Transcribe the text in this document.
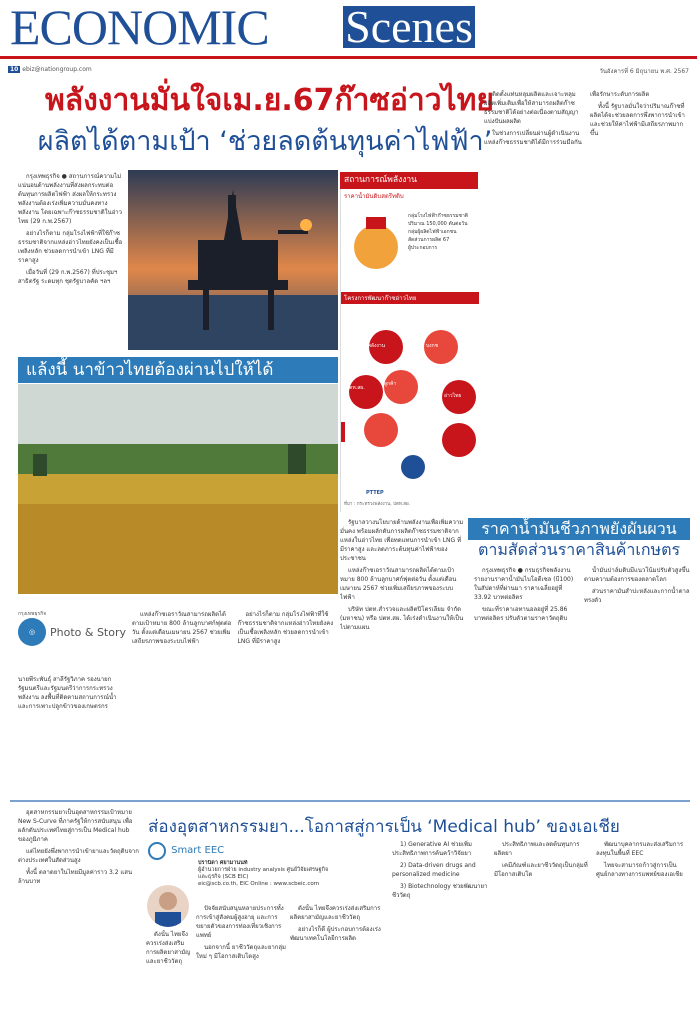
ECONOMIC Scenes
10 ebiz@nationgroup.com	วันอังคารที่ 6 มิถุนายน พ.ศ. 2567
พลังงานมั่นใจเม.ย.67ก๊าซอ่าวไทย
ผลิตได้ตามเป้า ‘ช่วยลดต้นทุนค่าไฟฟ้า’

กรุงเทพธุรกิจ ● สถานการณ์ความไม่แน่นอนด้านพลังงานที่ส่งผลกระทบต่อต้นทุนการผลิตไฟฟ้า ส่งผลให้กระทรวงพลังงานต้องเร่งเพิ่มความมั่นคงทางพลังงาน โดยเฉพาะก๊าซธรรมชาติในอ่าวไทย (29 ก.พ.2567)

อย่างไรก็ตาม กลุ่มโรงไฟฟ้าที่ใช้ก๊าซธรรมชาติจากแหล่งอ่าวไทยยังคงเป็นเชื้อเพลิงหลัก ช่วยลดการนำเข้า LNG ที่มีราคาสูง

เมื่อวันที่ (29 ก.พ.2567) ที่ประชุมฯ สาธิตรัฐ ระดมทุก ชุดรัฐบาลคัด ฯลฯ

สถานการณ์พลังงาน
ราคาน้ำมันดิบสตรีทดิบ
กลุ่มโรงไฟฟ้าก๊าซธรรมชาติ
ปริมาณ 150,000 ตันต่อวัน
กลุ่มผู้ผลิตไฟฟ้าเอกชน
สัดส่วนการผลิต 67
ผู้ประกอบการ
โครงการพัฒนาก๊าซอ่าวไทย
กระทรวงพลังงาน	บงกช
ปตท.สผ.
ลูกค้า
อ่าวไทย
PTTEP
ที่มา : กระทรวงพลังงาน, ปตท.สผ.

ติดตั้งแท่นหลุมผลิตและเจาะหลุมผลิตเพิ่มเติมเพื่อให้สามารถผลิตก๊าซธรรมชาติได้อย่างต่อเนื่องตามสัญญาแบ่งปันผลผลิต

ในช่วงการเปลี่ยนผ่านผู้ดำเนินงานแหล่งก๊าซธรรมชาติได้มีการร่วมมือกันเพื่อรักษาระดับการผลิต

ทั้งนี้ รัฐบาลมั่นใจว่าปริมาณก๊าซที่ผลิตได้จะช่วยลดการพึ่งพาการนำเข้าและช่วยให้ค่าไฟฟ้ามีเสถียรภาพมากขึ้น

แล้งนี้ นาข้าวไทยต้องผ่านไปให้ได้

รัฐบาลวางนโยบายด้านพลังงานเพื่อเพิ่มความมั่นคง พร้อมผลักดันการผลิตก๊าซธรรมชาติจากแหล่งในอ่าวไทย เพื่อทดแทนการนำเข้า LNG ที่มีราคาสูง และลดภาระต้นทุนค่าไฟฟ้าของประชาชน

แหล่งก๊าซเอราวัณสามารถผลิตได้ตามเป้าหมาย 800 ล้านลูกบาศก์ฟุตต่อวัน ตั้งแต่เดือนเมษายน 2567 ช่วยเพิ่มเสถียรภาพของระบบไฟฟ้า

บริษัท ปตท.สำรวจและผลิตปิโตรเลียม จำกัด (มหาชน) หรือ ปตท.สผ. ได้เร่งดำเนินงานให้เป็นไปตามแผน

กรุงเทพธุรกิจ
◎	Photo & Story
นายพีระพันธุ์ สาลีรัฐวิภาค รองนายกรัฐมนตรีและรัฐมนตรีว่าการกระทรวงพลังงาน ลงพื้นที่ติดตามสถานการณ์น้ำและการเพาะปลูกข้าวของเกษตรกร

แหล่งก๊าซเอราวัณสามารถผลิตได้ตามเป้าหมาย 800 ล้านลูกบาศก์ฟุตต่อวัน ตั้งแต่เดือนเมษายน 2567 ช่วยเพิ่มเสถียรภาพของระบบไฟฟ้า

อย่างไรก็ตาม กลุ่มโรงไฟฟ้าที่ใช้ก๊าซธรรมชาติจากแหล่งอ่าวไทยยังคงเป็นเชื้อเพลิงหลัก ช่วยลดการนำเข้า LNG ที่มีราคาสูง

ราคาน้ำมันชีวภาพยังผันผวน
ตามสัดส่วนราคาสินค้าเกษตร

กรุงเทพธุรกิจ ● กรมธุรกิจพลังงาน รายงานราคาน้ำมันไบโอดีเซล (บี100) ในสัปดาห์ที่ผ่านมา ราคาเฉลี่ยอยู่ที่ 33.92 บาทต่อลิตร

ขณะที่ราคาเอทานอลอยู่ที่ 25.86 บาทต่อลิตร ปรับตัวตามราคาวัตถุดิบ

น้ำมันปาล์มดิบมีแนวโน้มปรับตัวสูงขึ้นตามความต้องการของตลาดโลก

ส่วนราคามันสำปะหลังและกากน้ำตาลทรงตัว

ส่องอุตสาหกรรมยา...โอกาสสู่การเป็น ‘Medical hub’ ของเอเชีย
Smart EEC
ปรานิดา ศยามานนท์
ผู้อำนวยการฝ่าย industry analysis ศูนย์วิจัยเศรษฐกิจและธุรกิจ (SCB EIC)
eic@scb.co.th, EIC Online : www.scbeic.com

อุตสาหกรรมยาเป็นอุตสาหกรรมเป้าหมาย New S-Curve ที่ภาครัฐให้การสนับสนุน เพื่อผลักดันประเทศไทยสู่การเป็น Medical hub ของภูมิภาค

แต่ไทยยังพึ่งพาการนำเข้ายาและวัตถุดิบจากต่างประเทศในสัดส่วนสูง

ทั้งนี้ ตลาดยาในไทยมีมูลค่าราว 3.2 แสนล้านบาท

ปัจจัยสนับสนุนหลายประการทั้งการเข้าสู่สังคมผู้สูงอายุ และการขยายตัวของการท่องเที่ยวเชิงการแพทย์

นอกจากนี้ ยาชีววัตถุและยากลุ่มใหม่ ๆ มีโอกาสเติบโตสูง

ดังนั้น ไทยจึงควรเร่งส่งเสริมการผลิตยาสามัญและยาชีววัตถุ

ดังนั้น ไทยจึงควรเร่งส่งเสริมการผลิตยาสามัญและยาชีววัตถุ

อย่างไรก็ดี ผู้ประกอบการต้องเร่งพัฒนาเทคโนโลยีการผลิต

1) Generative AI ช่วยเพิ่มประสิทธิภาพการค้นคว้าวิจัยยา

2) Data-driven drugs and personalized medicine

3) Biotechnology ช่วยพัฒนายาชีววัตถุ

ประสิทธิภาพและลดต้นทุนการผลิตยา

เคมีภัณฑ์และยาชีววัตถุเป็นกลุ่มที่มีโอกาสเติบโต

พัฒนาบุคลากรและส่งเสริมการลงทุนในพื้นที่ EEC

ไทยจะสามารถก้าวสู่การเป็นศูนย์กลางทางการแพทย์ของเอเชีย
